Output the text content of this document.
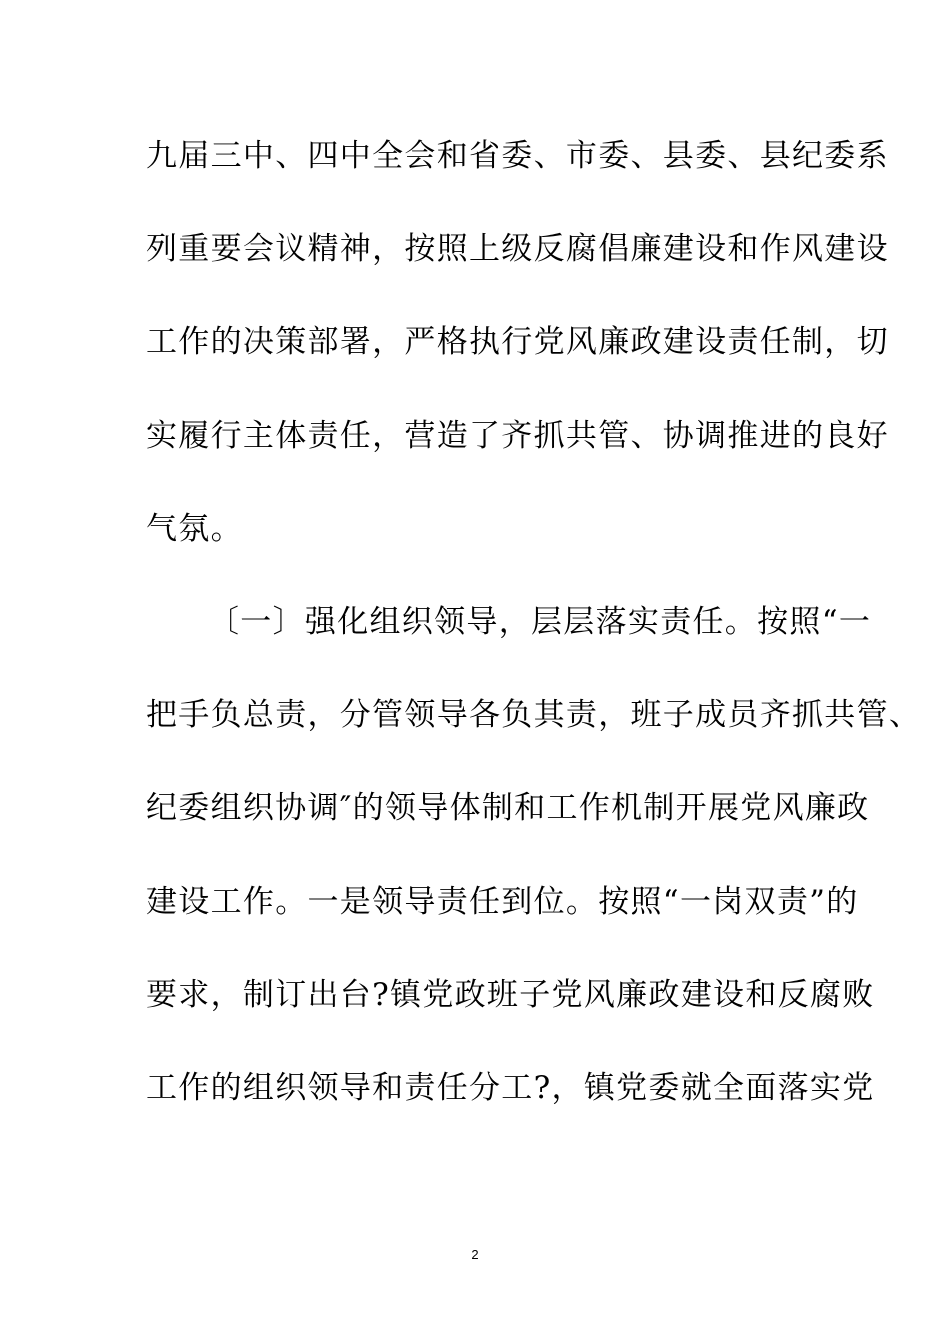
九届三中、四中全会和省委、市委、县委、县纪委系
列重要会议精神，按照上级反腐倡廉建设和作风建设
工作的决策部署，严格执行党风廉政建设责任制，切
实履行主体责任，营造了齐抓共管、协调推进的良好
气氛。
〔一〕强化组织领导，层层落实责任。按照“一
把手负总责，分管领导各负其责，班子成员齐抓共管、
纪委组织协调″的领导体制和工作机制开展党风廉政
建设工作。一是领导责任到位。按照“一岗双责”的
要求，制订出台?镇党政班子党风廉政建设和反腐败
工作的组织领导和责任分工?，镇党委就全面落实党
2
